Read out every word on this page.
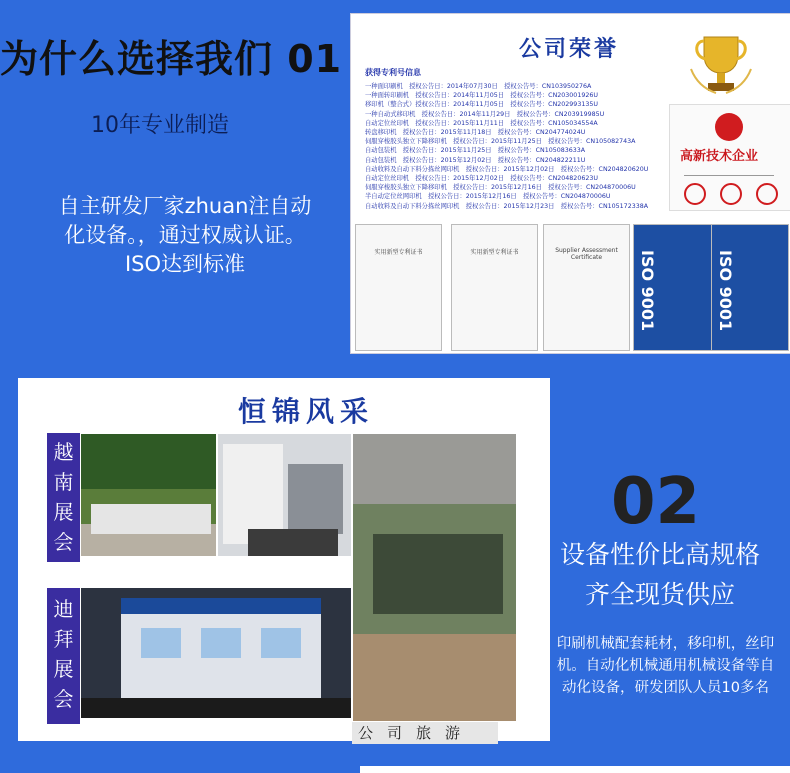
为什么选择我们 01
10年专业制造
自主研发厂家zhuan注自动化设备。，通过权威认证。ISO达到标准
公司荣誉
获得专利号信息
一种面印刷机　授权公告日：2014年07月30日　授权公告号：CN103950276A
一种面转印刷机　授权公告日：2014年11月05日　授权公告号：CN203001926U
移印机（整合式）授权公告日：2014年11月05日　授权公告号：CN202993135U
一种自动式移印机　授权公告日：2014年11月29日　授权公告号：CN203919985U
自动定位丝印机　授权公告日：2015年11月11日　授权公告号：CN105034554A
转盘移印机　授权公告日：2015年11月18日　授权公告号：CN204774024U
伺服穿梭胶头独立下降移印机　授权公告日：2015年11月25日　授权公告号：CN105082743A
自动包装机　授权公告日：2015年11月25日　授权公告号：CN105083633A
自动包装机　授权公告日：2015年12月02日　授权公告号：CN204822211U
自动收料及自动下料分拣丝网印机　授权公告日：2015年12月02日　授权公告号：CN204820620U
自动定位丝印机　授权公告日：2015年12月02日　授权公告号：CN204820623U
伺服穿梭胶头独立下降移印机　授权公告日：2015年12月16日　授权公告号：CN204870006U
半自动定位丝网印机　授权公告日：2015年12月16日　授权公告号：CN204870006U
自动收料及自动下料分拣丝网印机　授权公告日：2015年12月23日　授权公告号：CN105172338A
高新技术企业
实用新型专利证书	实用新型专利证书	Supplier Assessment Certificate	ISO 9001	ISO 9001
恒锦风采
越南展会
迪拜展会
公司旅游
02
设备性价比高规格齐全现货供应
印刷机械配套耗材，移印机，丝印机。自动化机械通用机械设备等自动化设备，研发团队人员10多名
